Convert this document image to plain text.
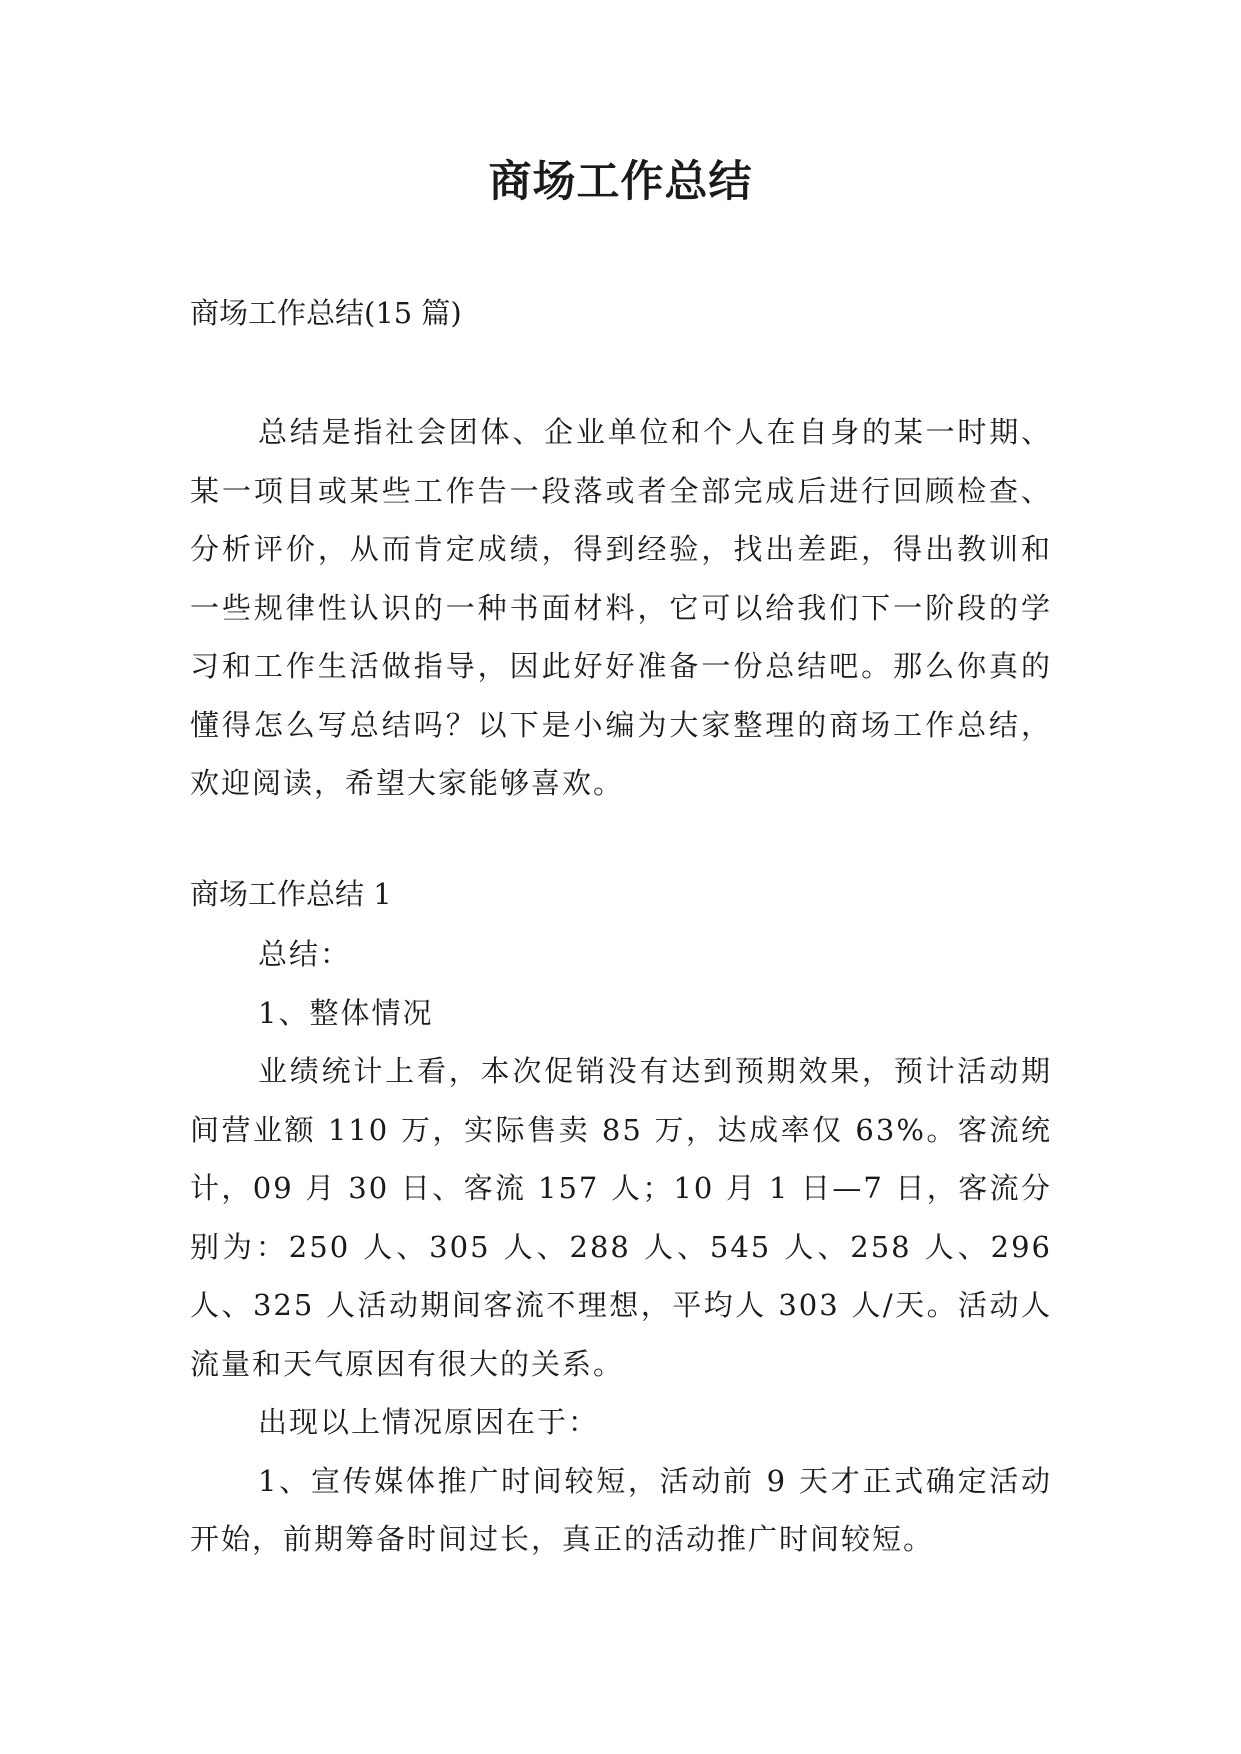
商场工作总结

商场工作总结(15 篇)

总结是指社会团体、企业单位和个人在自身的某一时期、某一项目或某些工作告一段落或者全部完成后进行回顾检查、分析评价，从而肯定成绩，得到经验，找出差距，得出教训和一些规律性认识的一种书面材料，它可以给我们下一阶段的学习和工作生活做指导，因此好好准备一份总结吧。那么你真的懂得怎么写总结吗？以下是小编为大家整理的商场工作总结，欢迎阅读，希望大家能够喜欢。

商场工作总结 1

总结：

1、整体情况

业绩统计上看，本次促销没有达到预期效果，预计活动期间营业额 110 万，实际售卖 85 万，达成率仅 63%。客流统计，09 月 30 日、客流 157 人；10 月 1 日—7 日，客流分别为：250 人、305 人、288 人、545 人、258 人、296 人、325 人活动期间客流不理想，平均人 303 人/天。活动人流量和天气原因有很大的关系。

出现以上情况原因在于：

1、宣传媒体推广时间较短，活动前 9 天才正式确定活动开始，前期筹备时间过长，真正的活动推广时间较短。
